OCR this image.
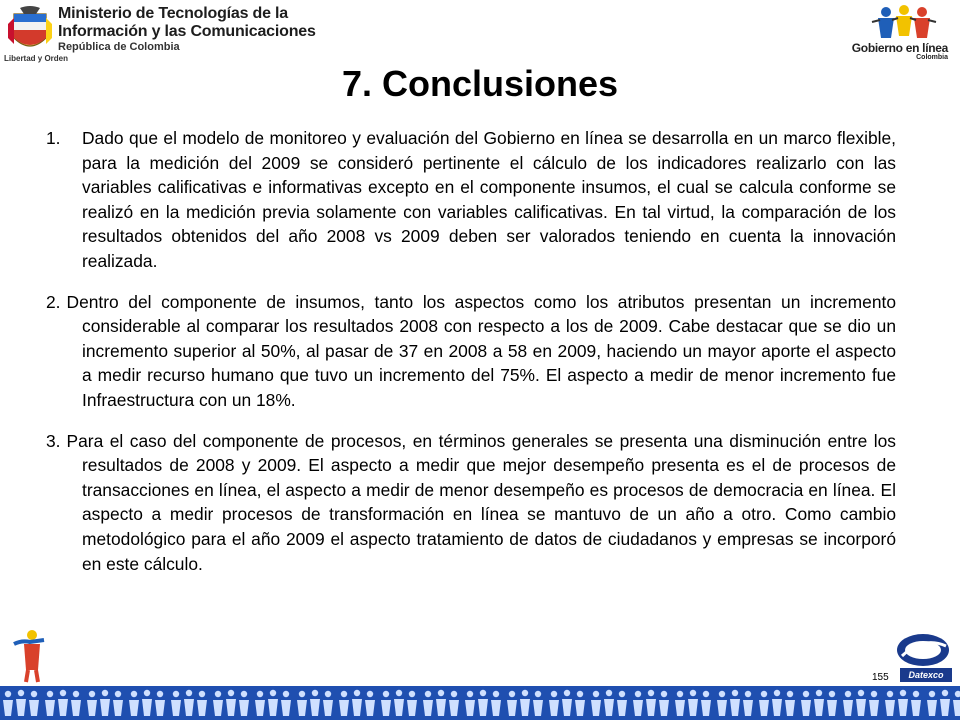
Ministerio de Tecnologías de la
Información y las Comunicaciones
República de Colombia
Libertad y Orden
Gobierno en línea
Colombia
7. Conclusiones

1. Dado que el modelo de monitoreo y evaluación del Gobierno en línea se desarrolla en un marco flexible, para la medición del 2009 se consideró pertinente el cálculo de los indicadores realizarlo con las variables calificativas e informativas excepto en el componente insumos, el cual se calcula conforme se realizó en la medición previa solamente con variables calificativas. En tal virtud, la comparación de los resultados obtenidos del año 2008 vs 2009 deben ser valorados teniendo en cuenta la innovación realizada.

2. Dentro del componente de insumos, tanto los aspectos como los atributos presentan un incremento considerable al comparar los resultados 2008 con respecto a los de 2009. Cabe destacar que se dio un incremento superior al 50%, al pasar de 37 en 2008 a 58 en 2009, haciendo un mayor aporte el aspecto a medir recurso humano que tuvo un incremento del 75%. El aspecto a medir de menor incremento fue Infraestructura con un 18%.

3. Para el caso del componente de procesos, en términos generales se presenta una disminución entre los resultados de 2008 y 2009. El aspecto a medir que mejor desempeño presenta es el de procesos de transacciones en línea, el aspecto a medir de menor desempeño es procesos de democracia en línea. El aspecto a medir procesos de transformación en línea se mantuvo de un año a otro. Como cambio metodológico para el año 2009 el aspecto tratamiento de datos de ciudadanos y empresas se incorporó en este cálculo.

Datexco
155
